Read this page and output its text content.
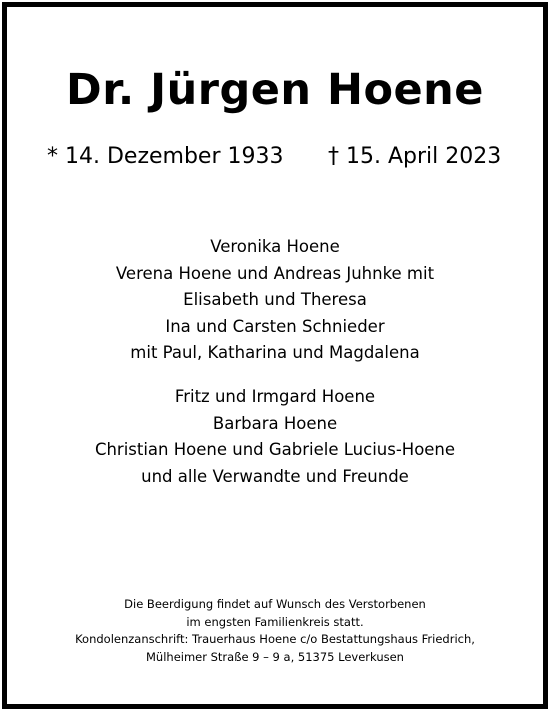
Dr. Jürgen Hoene
* 14. Dezember 1933 † 15. April 2023
Veronika Hoene
Verena Hoene und Andreas Juhnke mit
Elisabeth und Theresa
Ina und Carsten Schnieder
mit Paul, Katharina und Magdalena
Fritz und Irmgard Hoene
Barbara Hoene
Christian Hoene und Gabriele Lucius-Hoene
und alle Verwandte und Freunde
Die Beerdigung findet auf Wunsch des Verstorbenen
im engsten Familienkreis statt.
Kondolenzanschrift: Trauerhaus Hoene c/o Bestattungshaus Friedrich,
Mülheimer Straße 9 – 9 a, 51375 Leverkusen
